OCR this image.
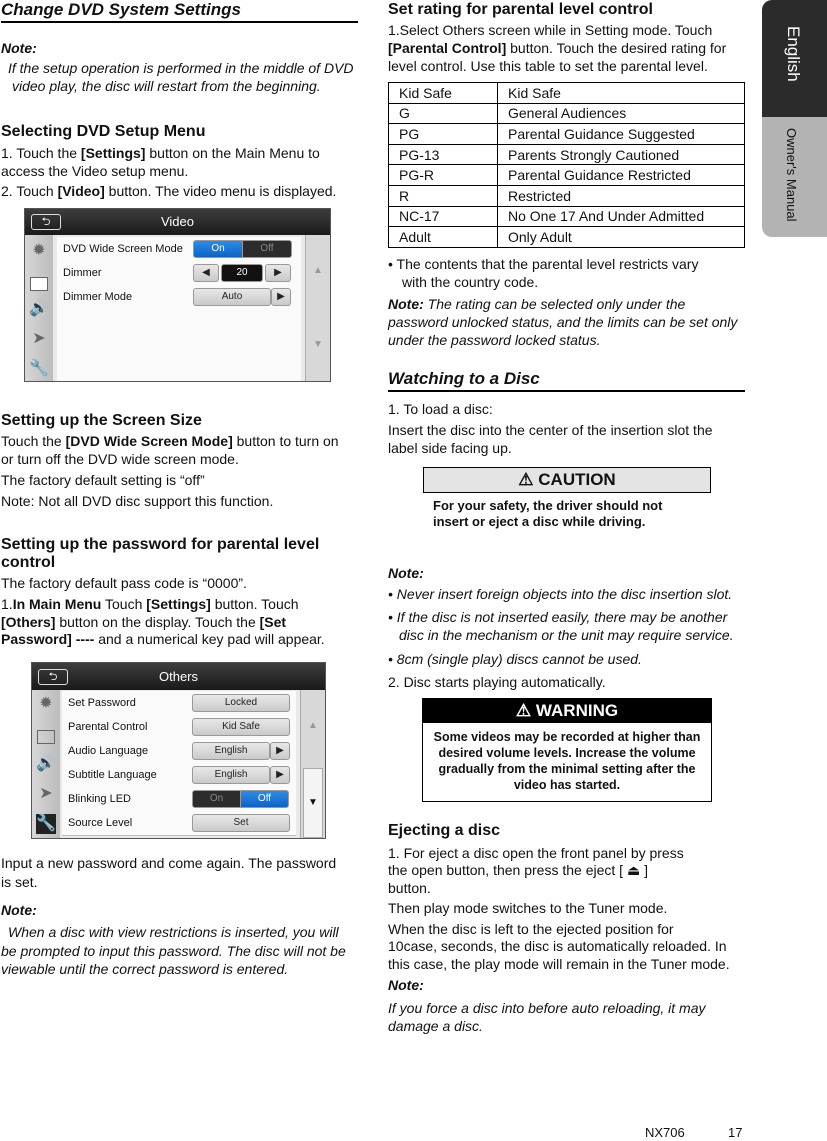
English
Owner's Manual
Change DVD System Settings
Note:
If the setup operation is performed in the middle of DVD
video play, the disc will restart from the beginning.
Selecting DVD Setup Menu
1. Touch the [Settings] button on the Main Menu to
access the Video setup menu.
2. Touch [Video] button. The video menu is displayed.
⮌	Video
✹
🔊
➤
🔧
DVD Wide Screen Mode	On	Off
Dimmer	◀	20	▶
Dimmer Mode	Auto	▶
▲
▼
Setting up the Screen Size
Touch the [DVD Wide Screen Mode] button to turn on
or turn off the DVD wide screen mode.
The factory default setting is “off”
Note: Not all DVD disc support this function.
Setting up the password for parental level
control
The factory default pass code is “0000”.
1.In Main Menu Touch [Settings] button. Touch
[Others] button on the display. Touch the [Set
Password] ---- and a numerical key pad will appear.
⮌	Others
✹
🔊
➤
🔧
Set Password	Locked
Parental Control	Kid Safe
Audio Language	English	▶
Subtitle Language	English	▶
Blinking LED	On	Off
Source Level	Set
▲
▼
Input a new password and come again. The password
is set.
Note:
When a disc with view restrictions is inserted, you will
be prompted to input this password. The disc will not be
viewable until the correct password is entered.
Set rating for parental level control
1.Select Others screen while in Setting mode. Touch
[Parental Control] button. Touch the desired rating for
level control. Use this table to set the parental level.
Kid Safe	Kid Safe
G	General Audiences
PG	Parental Guidance Suggested
PG-13	Parents Strongly Cautioned
PG-R	Parental Guidance Restricted
R	Restricted
NC-17	No One 17 And Under Admitted
Adult	Only Adult
• The contents that the parental level restricts vary
with the country code.
Note: The rating can be selected only under the
password unlocked status, and the limits can be set only
under the password locked status.
Watching to a Disc
1. To load a disc:
Insert the disc into the center of the insertion slot the
label side facing up.
⚠ CAUTION
For your safety, the driver should not
insert or eject a disc while driving.
Note:
• Never insert foreign objects into the disc insertion slot.
• If the disc is not inserted easily, there may be another
disc in the mechanism or the unit may require service.
• 8cm (single play) discs cannot be used.
2. Disc starts playing automatically.
⚠ WARNING
Some videos may be recorded at higher than desired volume levels. Increase the volume gradually from the minimal setting after the video has started.
Ejecting a disc
1. For eject a disc open the front panel by press
the open button, then press the eject [ ⏏ ]
button.
Then play mode switches to the Tuner mode.
When the disc is left to the ejected position for
10case, seconds, the disc is automatically reloaded. In
this case, the play mode will remain in the Tuner mode.
Note:
If you force a disc into before auto reloading, it may
damage a disc.
NX706	17
